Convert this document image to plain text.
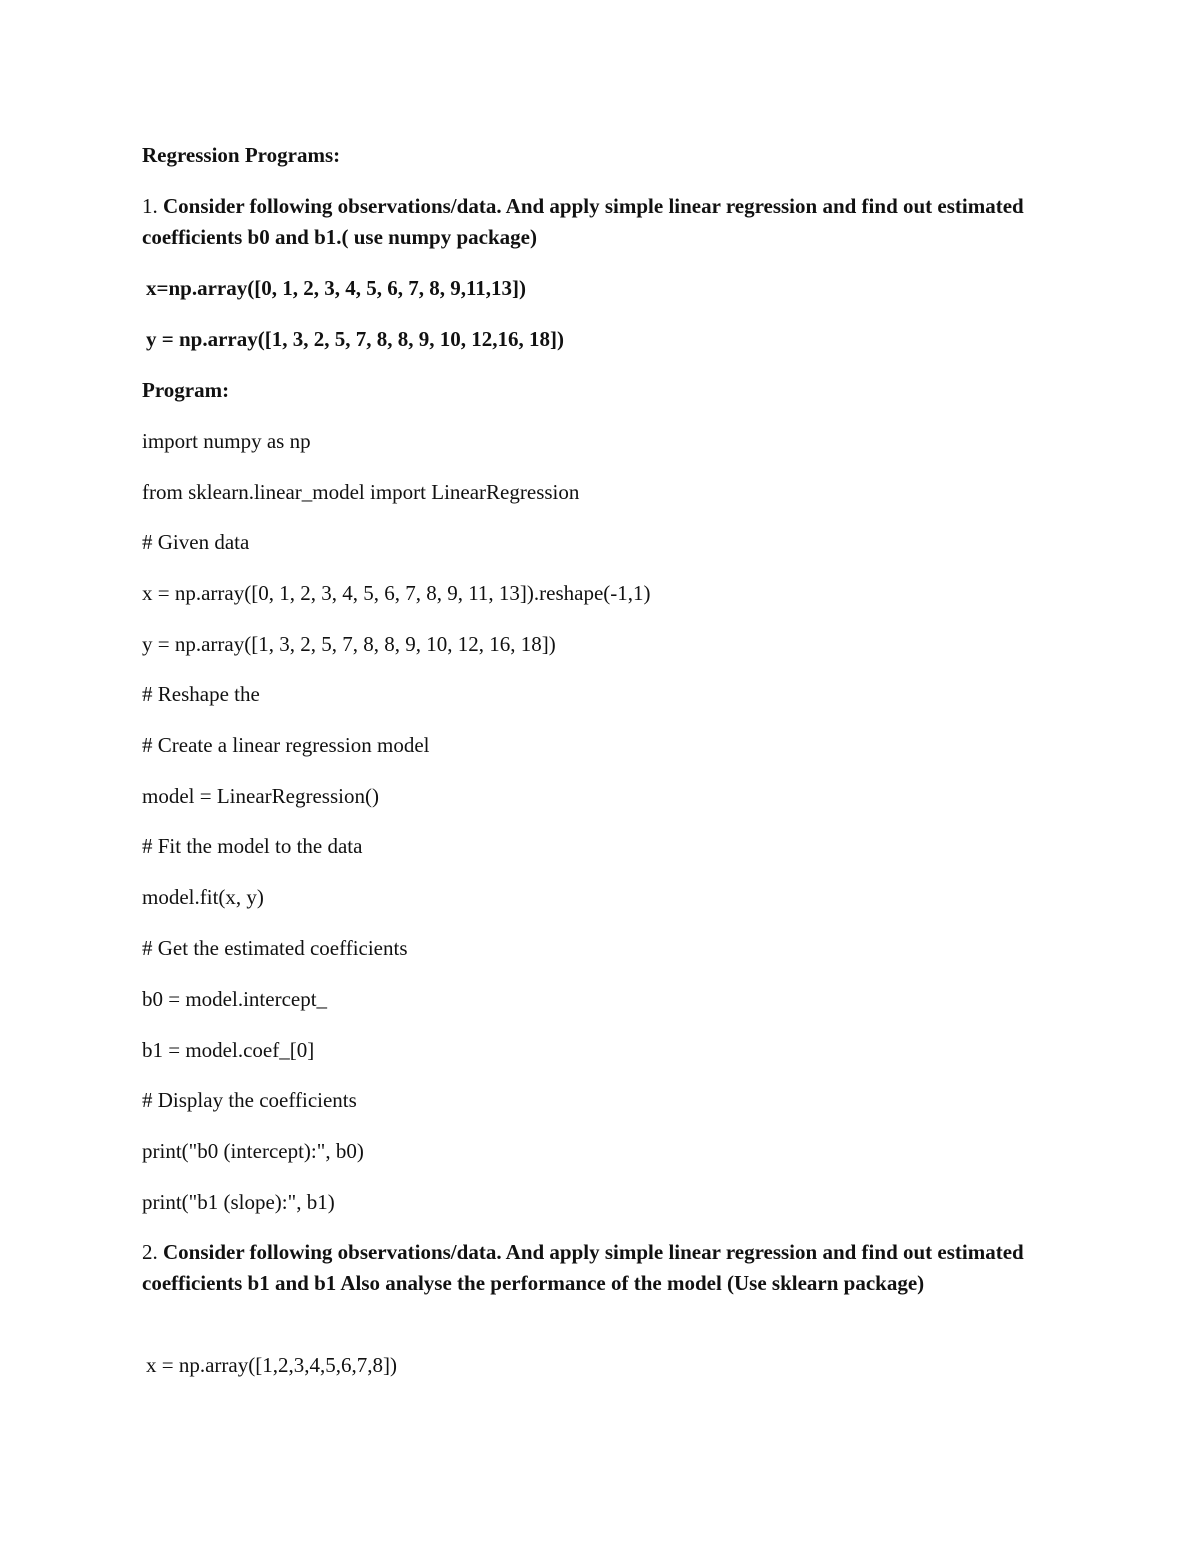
Regression Programs:
1. Consider following observations/data. And apply simple linear regression and find out estimated coefficients b0 and b1.( use numpy package)
x=np.array([0, 1, 2, 3, 4, 5, 6, 7, 8, 9,11,13])
y = np.array([1, 3, 2, 5, 7, 8, 8, 9, 10, 12,16, 18])
Program:
import numpy as np
from sklearn.linear_model import LinearRegression
# Given data
x = np.array([0, 1, 2, 3, 4, 5, 6, 7, 8, 9, 11, 13]).reshape(-1,1)
y = np.array([1, 3, 2, 5, 7, 8, 8, 9, 10, 12, 16, 18])
# Reshape the
# Create a linear regression model
model = LinearRegression()
# Fit the model to the data
model.fit(x, y)
# Get the estimated coefficients
b0 = model.intercept_
b1 = model.coef_[0]
# Display the coefficients
print("b0 (intercept):", b0)
print("b1 (slope):", b1)
2. Consider following observations/data. And apply simple linear regression and find out estimated coefficients b1 and b1 Also analyse the performance of the model (Use sklearn package)
x = np.array([1,2,3,4,5,6,7,8])
